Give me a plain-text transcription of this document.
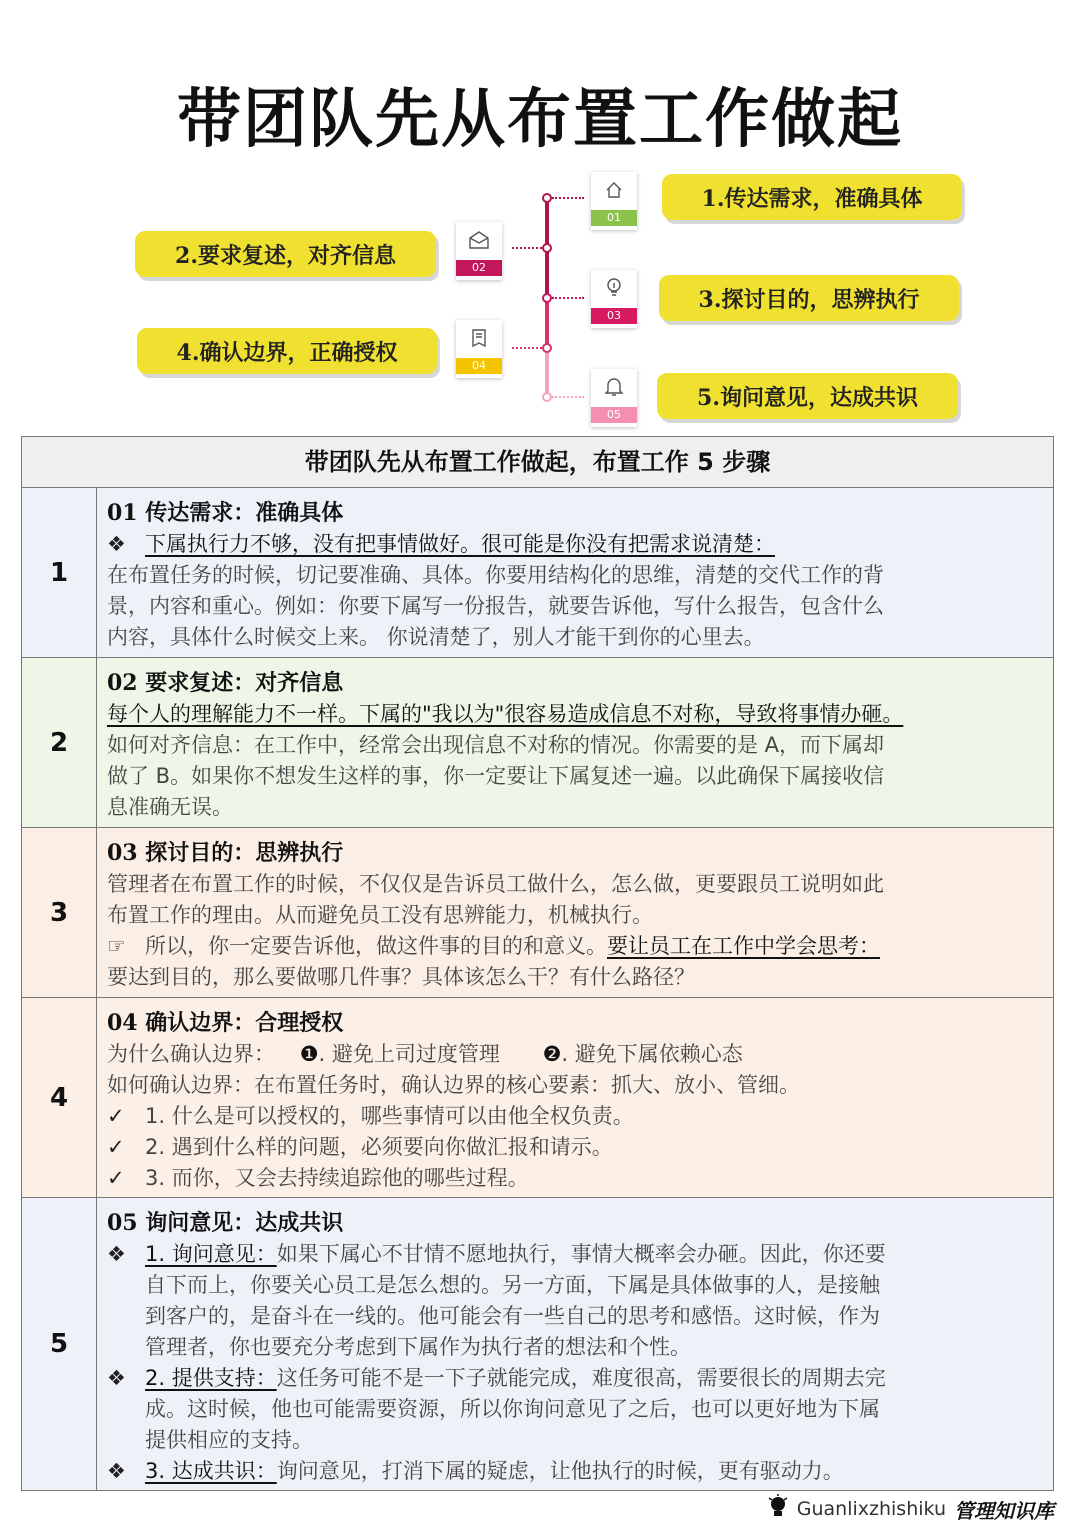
带团队先从布置工作做起
01
02
03
04
05
1.传达需求，准确具体
2.要求复述，对齐信息
3.探讨目的，思辨执行
4.确认边界，正确授权
5.询问意见，达成共识
带团队先从布置工作做起，布置工作 5 步骤
1
01 传达需求：准确具体
❖ 下属执行力不够，没有把事情做好。很可能是你没有把需求说清楚：
在布置任务的时候，切记要准确、具体。你要用结构化的思维，清楚的交代工作的背
景，内容和重心。例如：你要下属写一份报告，就要告诉他，写什么报告，包含什么
内容，具体什么时候交上来。 你说清楚了，别人才能干到你的心里去。
2
02 要求复述：对齐信息
每个人的理解能力不一样。下属的"我以为"很容易造成信息不对称，导致将事情办砸。
如何对齐信息：在工作中，经常会出现信息不对称的情况。你需要的是 A，而下属却
做了 B。如果你不想发生这样的事，你一定要让下属复述一遍。以此确保下属接收信
息准确无误。
3
03 探讨目的：思辨执行
管理者在布置工作的时候，不仅仅是告诉员工做什么，怎么做，更要跟员工说明如此
布置工作的理由。从而避免员工没有思辨能力，机械执行。
☞ 所以，你一定要告诉他，做这件事的目的和意义。要让员工在工作中学会思考：
要达到目的，那么要做哪几件事？具体该怎么干？有什么路径？
4
04 确认边界：合理授权
为什么确认边界： ❶. 避免上司过度管理 ❷. 避免下属依赖心态
如何确认边界：在布置任务时，确认边界的核心要素：抓大、放小、管细。
✓ 1. 什么是可以授权的，哪些事情可以由他全权负责。
✓ 2. 遇到什么样的问题，必须要向你做汇报和请示。
✓ 3. 而你，又会去持续追踪他的哪些过程。
5
05 询问意见：达成共识
❖ 1. 询问意见：如果下属心不甘情不愿地执行，事情大概率会办砸。因此，你还要
自下而上，你要关心员工是怎么想的。另一方面，下属是具体做事的人，是接触
到客户的，是奋斗在一线的。他可能会有一些自己的思考和感悟。这时候，作为
管理者，你也要充分考虑到下属作为执行者的想法和个性。
❖ 2. 提供支持：这任务可能不是一下子就能完成，难度很高，需要很长的周期去完
成。这时候，他也可能需要资源，所以你询问意见了之后，也可以更好地为下属
提供相应的支持。
❖ 3. 达成共识：询问意见，打消下属的疑虑，让他执行的时候，更有驱动力。
Guanlixzhishiku 管理知识库
